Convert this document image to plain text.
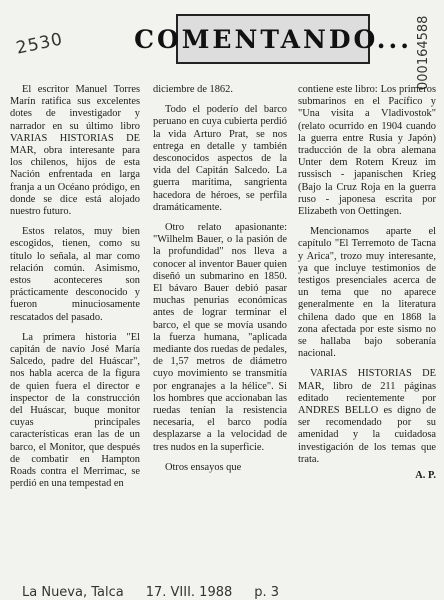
2530	COMENTANDO... 000164588

El escritor Manuel Torres Marín ratifica sus excelentes dotes de investigador y narrador en su último libro VARIAS HISTORIAS DE MAR, obra interesante para los chilenos, hijos de esta Nación enfrentada en larga franja a un Océano pródigo, en donde se dice está alojado nuestro futuro.

Estos relatos, muy bien escogidos, tienen, como su título lo señala, al mar como relación común. Asimismo, estos aconteceres son prácticamente desconocido y fueron minuciosamente rescatados del pasado.

La primera historia "El capitán de navío José María Salcedo, padre del Huáscar", nos habla acerca de la figura de quien fuera el director e inspector de la construcción del Huáscar, buque monitor cuyas principales características eran las de un barco, el Monitor, que después de combatir en Hampton Roads contra el Merrimac, se perdió en una tempestad en

diciembre de 1862.

Todo el poderío del barco peruano en cuya cubierta perdió la vida Arturo Prat, se nos entrega en detalle y también desconocidos aspectos de la vida del Capitán Salcedo. La guerra marítima, sangrienta hacedora de héroes, se perfila dramáticamente.

Otro relato apasionante: "Wilhelm Bauer, o la pasión de la profundidad" nos lleva a conocer al inventor Bauer quien diseñó un submarino en 1850. El bávaro Bauer debió pasar muchas penurias económicas antes de lograr terminar el barco, el que se movía usando la fuerza humana, "aplicada mediante dos ruedas de pedales, de 1,57 metros de diámetro cuyo movimiento se transmitía por engranajes a la hélice". Si los hombres que accionaban las ruedas tenían la resistencia necesaria, el barco podía desplazarse a la velocidad de tres nudos en la superficie.

Otros ensayos que

contiene este libro: Los primeros submarinos en el Pacífico y "Una visita a Vladivostok" (relato ocurrido en 1904 cuando la guerra entre Rusia y Japón) traducción de la obra alemana Unter dem Rotern Kreuz im russisch - japanischen Krieg (Bajo la Cruz Roja en la guerra ruso - japonesa escrita por Elizabeth von Oettingen.

Mencionamos aparte el capítulo "El Terremoto de Tacna y Arica", trozo muy interesante, ya que incluye testimonios de testigos presenciales acerca de un tema que no aparece generalmente en la literatura chilena dado que en 1868 la zona afectada por este sismo no se hallaba bajo soberanía nacional.

VARIAS HISTORIAS DE MAR, libro de 211 páginas editado recientemente por ANDRES BELLO es digno de ser recomendado por su amenidad y la cuidadosa investigación de los temas que trata.

A. P.
La Nueva, Talca 17. VIII. 1988 p. 3
